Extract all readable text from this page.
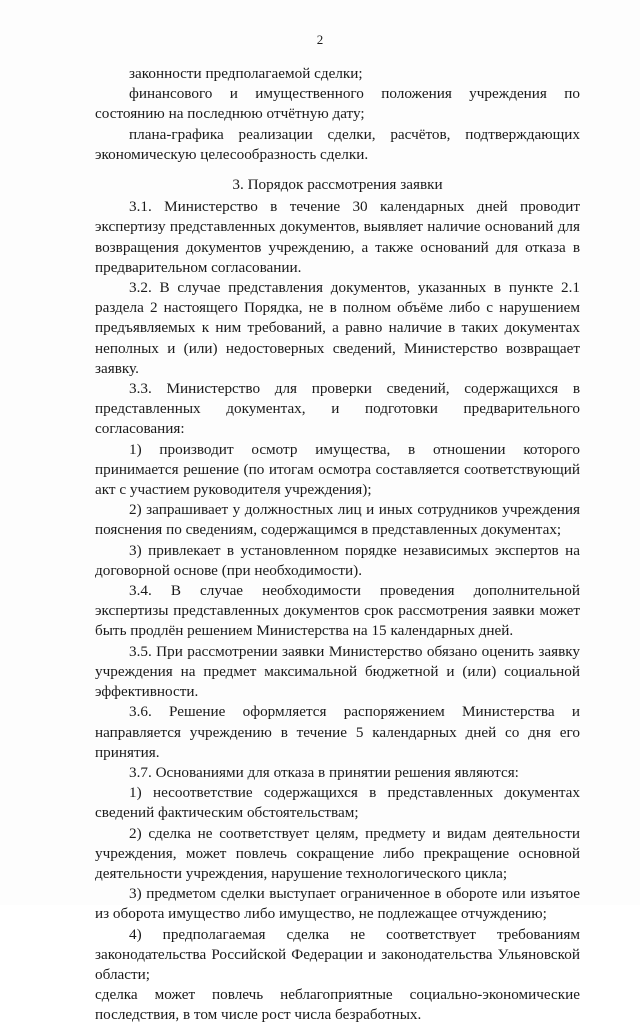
2

законности предполагаемой сделки;

финансового и имущественного положения учреждения по состоянию на последнюю отчётную дату;

плана-графика реализации сделки, расчётов, подтверждающих экономическую целесообразность сделки.

3. Порядок рассмотрения заявки

3.1. Министерство в течение 30 календарных дней проводит экспертизу представленных документов, выявляет наличие оснований для возвращения документов учреждению, а также оснований для отказа в предварительном согласовании.

3.2. В случае представления документов, указанных в пункте 2.1 раздела 2 настоящего Порядка, не в полном объёме либо с нарушением предъявляемых к ним требований, а равно наличие в таких документах неполных и (или) недостоверных сведений, Министерство возвращает заявку.

3.3. Министерство для проверки сведений, содержащихся в представленных документах, и подготовки предварительного согласования:

1) производит осмотр имущества, в отношении которого принимается решение (по итогам осмотра составляется соответствующий акт с участием руководителя учреждения);

2) запрашивает у должностных лиц и иных сотрудников учреждения пояснения по сведениям, содержащимся в представленных документах;

3) привлекает в установленном порядке независимых экспертов на договорной основе (при необходимости).

3.4. В случае необходимости проведения дополнительной экспертизы представленных документов срок рассмотрения заявки может быть продлён решением Министерства на 15 календарных дней.

3.5. При рассмотрении заявки Министерство обязано оценить заявку учреждения на предмет максимальной бюджетной и (или) социальной эффективности.

3.6. Решение оформляется распоряжением Министерства и направляется учреждению в течение 5 календарных дней со дня его принятия.

3.7. Основаниями для отказа в принятии решения являются:

1) несоответствие содержащихся в представленных документах сведений фактическим обстоятельствам;

2) сделка не соответствует целям, предмету и видам деятельности учреждения, может повлечь сокращение либо прекращение основной деятельности учреждения, нарушение технологического цикла;

3) предметом сделки выступает ограниченное в обороте или изъятое из оборота имущество либо имущество, не подлежащее отчуждению;

4) предполагаемая сделка не соответствует требованиям законодательства Российской Федерации и законодательства Ульяновской области;

сделка может повлечь неблагоприятные социально-экономические последствия, в том числе рост числа безработных.
